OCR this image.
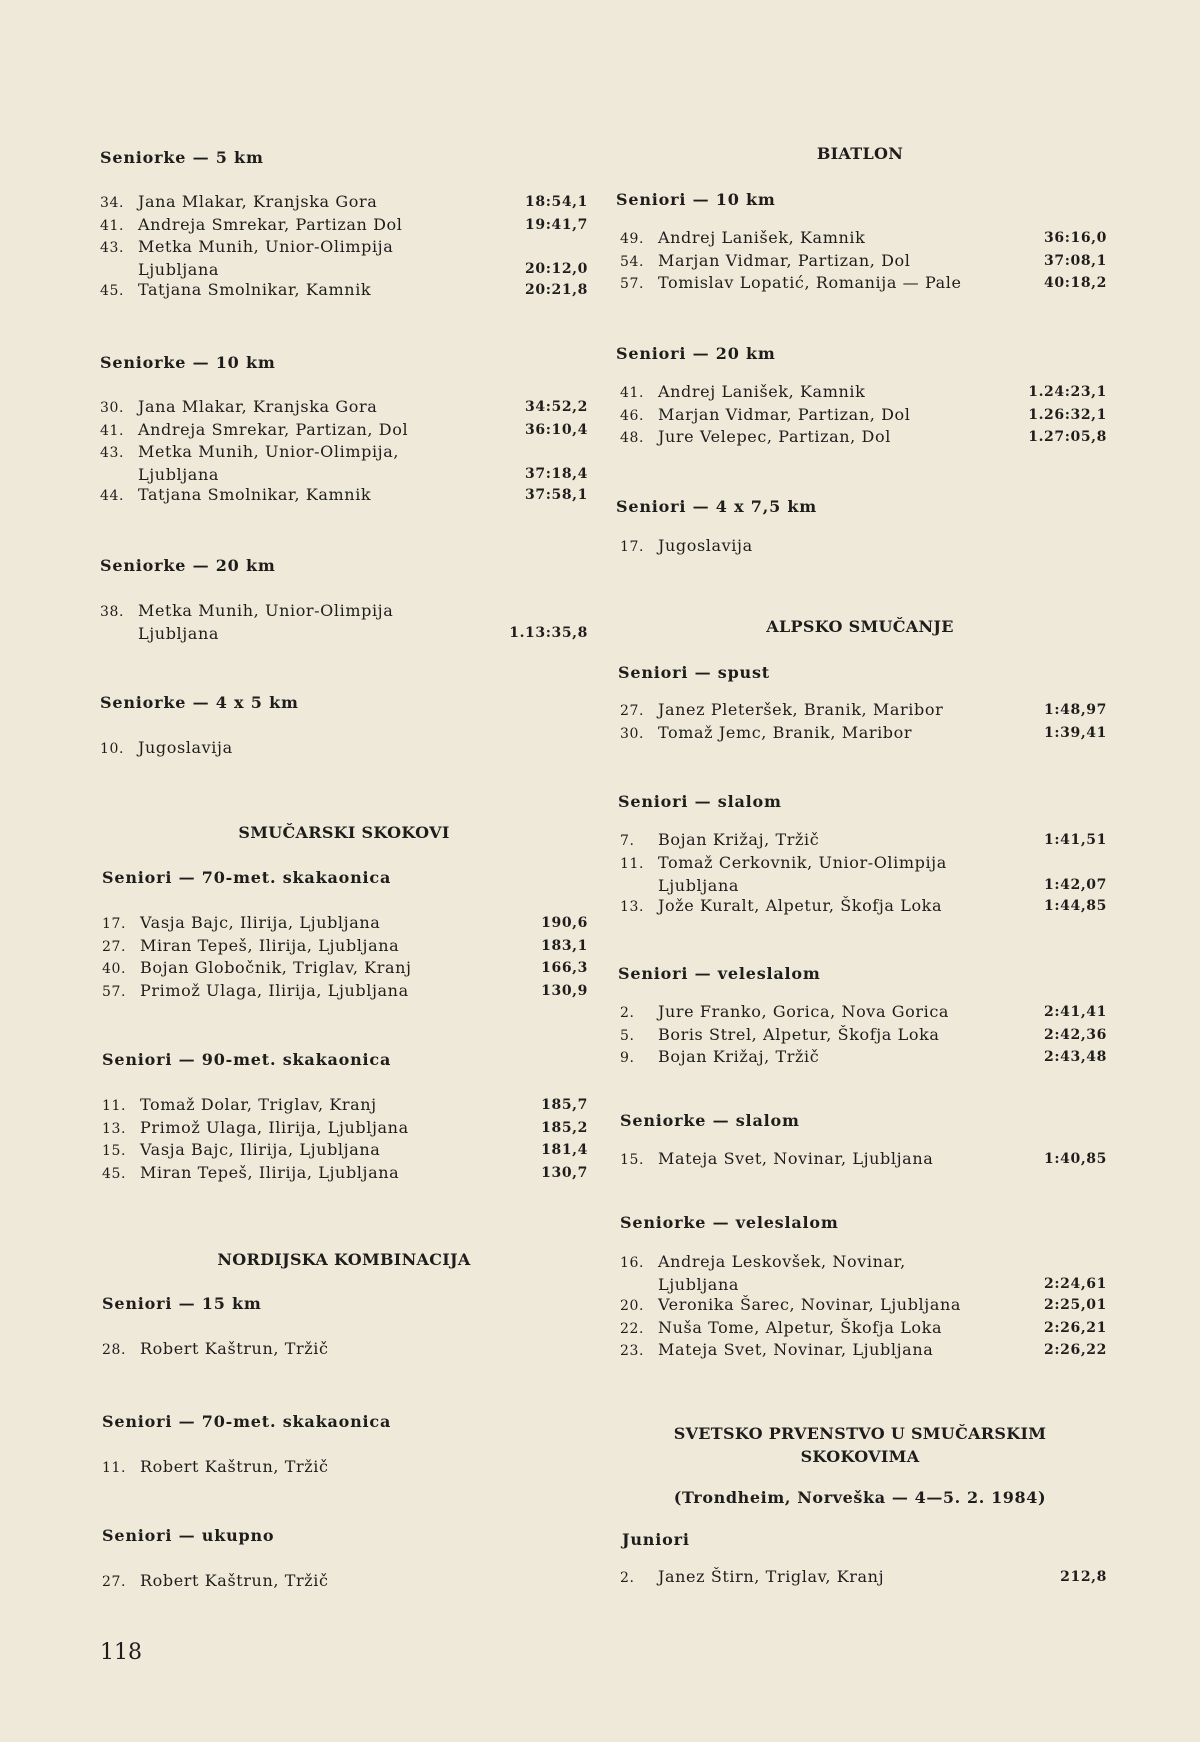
Seniorke — 5 km
Seniorke — 10 km
Seniorke — 20 km
Seniorke — 4 x 5 km
SMUČARSKI SKOKOVI
Seniori — 70-met. skakaonica
Seniori — 90-met. skakaonica
NORDIJSKA KOMBINACIJA
Seniori — 15 km
Seniori — 70-met. skakaonica
Seniori — ukupno
34. Jana Mlakar, Kranjska Gora	18:54,1
41. Andreja Smrekar, Partizan Dol	19:41,7
43. Metka Munih, Unior-Olimpija
Ljubljana	20:12,0
45. Tatjana Smolnikar, Kamnik	20:21,8
30. Jana Mlakar, Kranjska Gora	34:52,2
41. Andreja Smrekar, Partizan, Dol	36:10,4
43. Metka Munih, Unior-Olimpija,
Ljubljana	37:18,4
44. Tatjana Smolnikar, Kamnik	37:58,1
38. Metka Munih, Unior-Olimpija
Ljubljana	1.13:35,8
10. Jugoslavija
17. Vasja Bajc, Ilirija, Ljubljana	190,6
27. Miran Tepeš, Ilirija, Ljubljana	183,1
40. Bojan Globočnik, Triglav, Kranj	166,3
57. Primož Ulaga, Ilirija, Ljubljana	130,9
11. Tomaž Dolar, Triglav, Kranj	185,7
13. Primož Ulaga, Ilirija, Ljubljana	185,2
15. Vasja Bajc, Ilirija, Ljubljana	181,4
45. Miran Tepeš, Ilirija, Ljubljana	130,7
28. Robert Kaštrun, Tržič
11. Robert Kaštrun, Tržič
27. Robert Kaštrun, Tržič
BIATLON
Seniori — 10 km
Seniori — 20 km
Seniori — 4 x 7,5 km
ALPSKO SMUČANJE
Seniori — spust
Seniori — slalom
Seniori — veleslalom
Seniorke — slalom
Seniorke — veleslalom
SVETSKO PRVENSTVO U SMUČARSKIM
SKOKOVIMA
(Trondheim, Norveška — 4—5. 2. 1984)
Juniori
49. Andrej Lanišek, Kamnik	36:16,0
54. Marjan Vidmar, Partizan, Dol	37:08,1
57. Tomislav Lopatić, Romanija — Pale	40:18,2
41. Andrej Lanišek, Kamnik	1.24:23,1
46. Marjan Vidmar, Partizan, Dol	1.26:32,1
48. Jure Velepec, Partizan, Dol	1.27:05,8
17. Jugoslavija
27. Janez Pleteršek, Branik, Maribor	1:48,97
30. Tomaž Jemc, Branik, Maribor	1:39,41
7. Bojan Križaj, Tržič	1:41,51
11. Tomaž Cerkovnik, Unior-Olimpija
Ljubljana	1:42,07
13. Jože Kuralt, Alpetur, Škofja Loka	1:44,85
2. Jure Franko, Gorica, Nova Gorica	2:41,41
5. Boris Strel, Alpetur, Škofja Loka	2:42,36
9. Bojan Križaj, Tržič	2:43,48
15. Mateja Svet, Novinar, Ljubljana	1:40,85
16. Andreja Leskovšek, Novinar,
Ljubljana	2:24,61
20. Veronika Šarec, Novinar, Ljubljana	2:25,01
22. Nuša Tome, Alpetur, Škofja Loka	2:26,21
23. Mateja Svet, Novinar, Ljubljana	2:26,22
2. Janez Štirn, Triglav, Kranj	212,8
118
